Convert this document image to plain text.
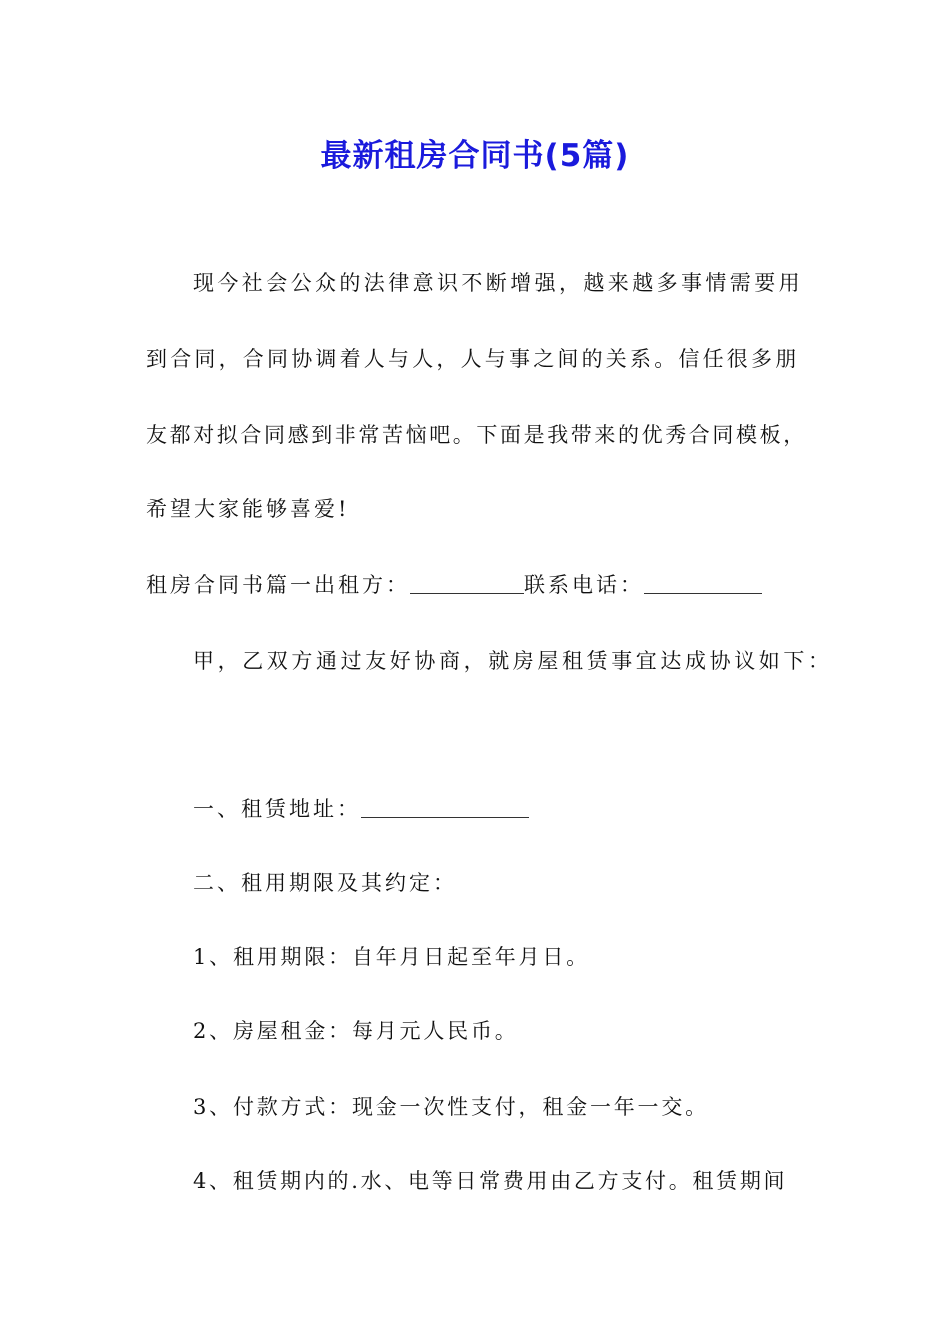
最新租房合同书(5篇)
现今社会公众的法律意识不断增强，越来越多事情需要用
到合同，合同协调着人与人，人与事之间的关系。信任很多朋
友都对拟合同感到非常苦恼吧。下面是我带来的优秀合同模板，
希望大家能够喜爱!
租房合同书篇一出租方：	联系电话：
甲，乙双方通过友好协商，就房屋租赁事宜达成协议如下：
一、租赁地址：
二、租用期限及其约定：
1、租用期限：自年月日起至年月日。
2、房屋租金：每月元人民币。
3、付款方式：现金一次性支付，租金一年一交。
4、租赁期内的.水、电等日常费用由乙方支付。租赁期间
